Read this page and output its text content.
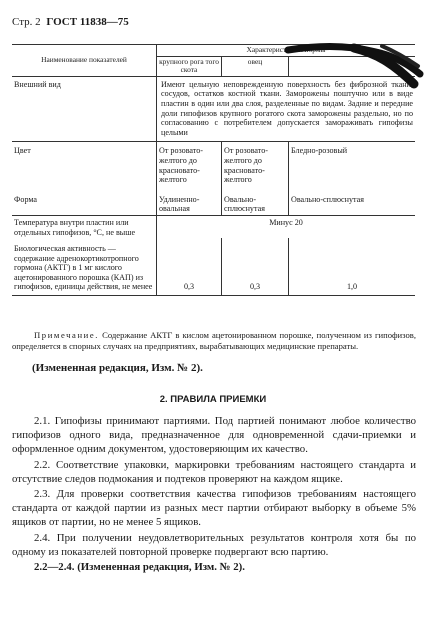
Стр. 2 ГОСТ 11838—75
Наименование показателей	Характеристика и нормы		
	крупного рога того скота	овец	
Внешний вид	Имеют цельную неповрежденную поверхность без фиброзной ткани, сосудов, остатков костной ткани. Заморожены поштучно или в виде пластин в один или два слоя, разделенные по видам. Задние и передние доли гипофизов крупного рогатого скота заморожены раздельно, но по согласованию с потребителем допускается замораживать гипофизы целыми		
Цвет	От розовато-желтого до красновато-желтого	От розовато-желтого до красновато-желтого	Бледно-розовый
Форма	Удлиненно-овальная	Овально-сплюснутая	Овально-сплюснутая
Температура внутри пластин или отдельных гипофизов, °С, не выше	Минус 20		
Биологическая активность — содержание адренокортикотропного гормона (АКТГ) в 1 мг кислого ацетонированного порошка (КАП) из гипофизов, единицы действия, не менее	0,3	0,3	1,0
Примечание. Содержание АКТГ в кислом ацетонированном порошке, полученном из гипофизов, определяется в спорных случаях на предприятиях, вырабатывающих медицинские препараты.
(Измененная редакция, Изм. № 2).
2. ПРАВИЛА ПРИЕМКИ

2.1. Гипофизы принимают партиями. Под партией понимают любое количество гипофизов одного вида, предназначенное для одновременной сдачи-приемки и оформленное одним документом, удостоверяющим их качество.

2.2. Соответствие упаковки, маркировки требованиям настоящего стандарта и отсутствие следов подмокания и подтеков проверяют на каждом ящике.

2.3. Для проверки соответствия качества гипофизов требованиям настоящего стандарта от каждой партии из разных мест партии отбирают выборку в объеме 5% ящиков от партии, но не менее 5 ящиков.

2.4. При получении неудовлетворительных результатов контроля хотя бы по одному из показателей повторной проверке подвергают всю партию.

2.2—2.4. (Измененная редакция, Изм. № 2).
